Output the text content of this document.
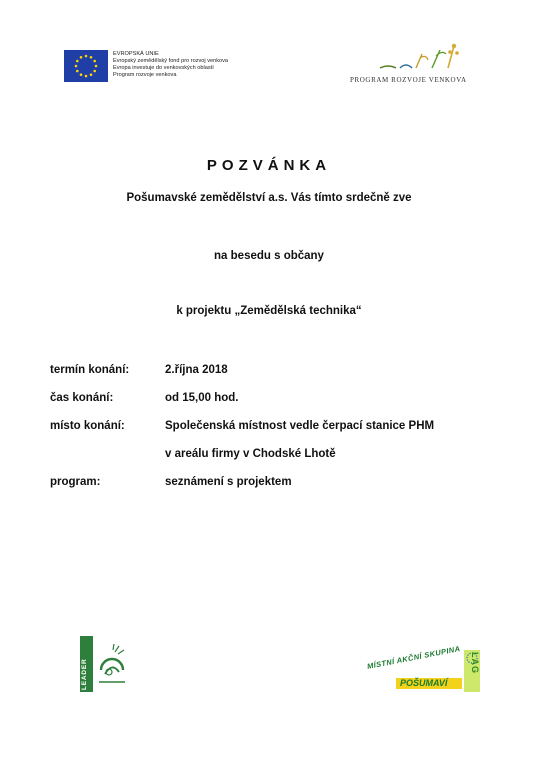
EVROPSKÁ UNIE
Evropský zemědělský fond pro rozvoj venkova
Evropa investuje do venkovských oblastí
Program rozvoje venkova
PROGRAM ROZVOJE VENKOVA
POZVÁNKA
Pošumavské zemědělství a.s. Vás tímto srdečně zve
na besedu s občany
k projektu „Zemědělská technika“
termín konání:	2.října 2018
čas konání:	od 15,00 hod.
místo konání:	Společenská místnost vedle čerpací stanice PHM
v areálu firmy v Chodské Lhotě
program:	seznámení s projektem
LEADER
MÍSTNÍ AKČNÍ SKUPINA
POŠUMAVÍ
LAG
